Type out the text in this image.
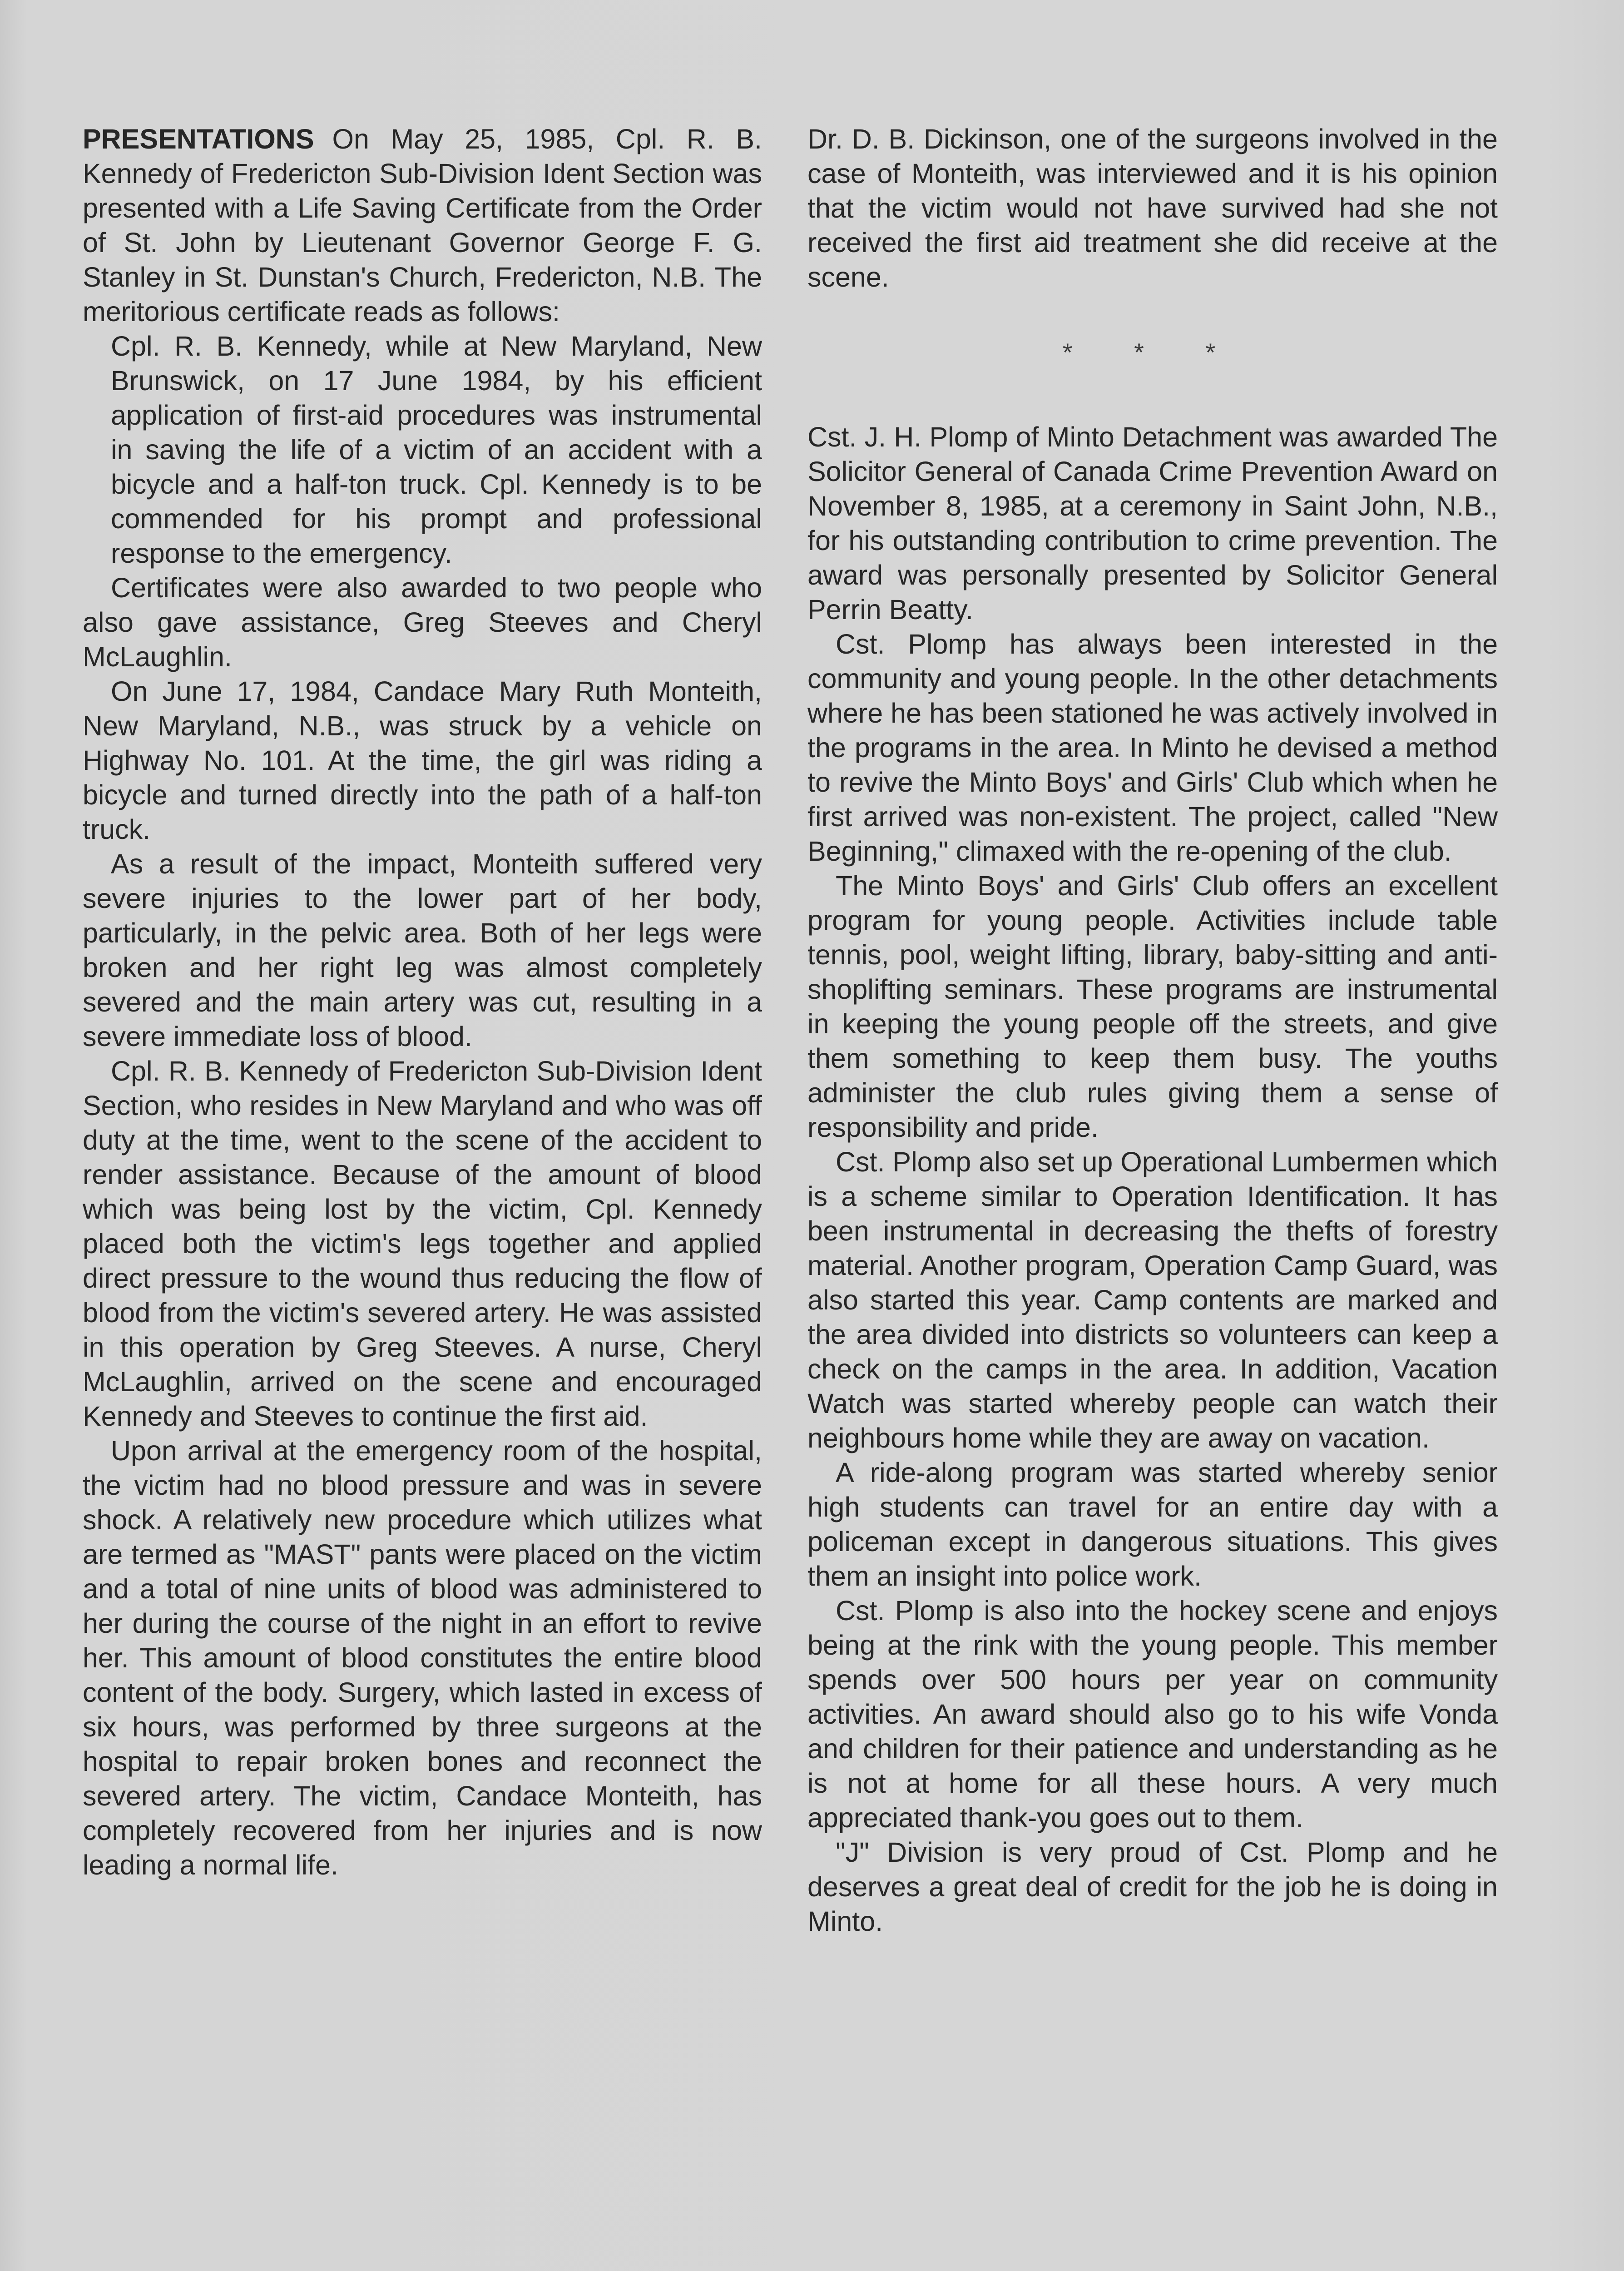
PRESENTATIONS On May 25, 1985, Cpl. R. B. Kennedy of Fredericton Sub-Division Ident Section was presented with a Life Saving Certificate from the Order of St. John by Lieutenant Governor George F. G. Stanley in St. Dunstan's Church, Fredericton, N.B. The meritorious certificate reads as follows:

Cpl. R. B. Kennedy, while at New Maryland, New Brunswick, on 17 June 1984, by his efficient application of first-aid procedures was instrumental in saving the life of a victim of an accident with a bicycle and a half-ton truck. Cpl. Kennedy is to be commended for his prompt and professional response to the emergency.

Certificates were also awarded to two people who also gave assistance, Greg Steeves and Cheryl McLaughlin.

On June 17, 1984, Candace Mary Ruth Monteith, New Maryland, N.B., was struck by a vehicle on Highway No. 101. At the time, the girl was riding a bicycle and turned directly into the path of a half-ton truck.

As a result of the impact, Monteith suffered very severe injuries to the lower part of her body, particularly, in the pelvic area. Both of her legs were broken and her right leg was almost completely severed and the main artery was cut, resulting in a severe immediate loss of blood.

Cpl. R. B. Kennedy of Fredericton Sub-Division Ident Section, who resides in New Maryland and who was off duty at the time, went to the scene of the accident to render assistance. Because of the amount of blood which was being lost by the victim, Cpl. Kennedy placed both the victim's legs together and applied direct pressure to the wound thus reducing the flow of blood from the victim's severed artery. He was assisted in this operation by Greg Steeves. A nurse, Cheryl McLaughlin, arrived on the scene and encouraged Kennedy and Steeves to continue the first aid.

Upon arrival at the emergency room of the hospital, the victim had no blood pressure and was in severe shock. A relatively new procedure which utilizes what are termed as "MAST" pants were placed on the victim and a total of nine units of blood was administered to her during the course of the night in an effort to revive her. This amount of blood constitutes the entire blood content of the body. Surgery, which lasted in excess of six hours, was performed by three surgeons at the hospital to repair broken bones and reconnect the severed artery. The victim, Candace Monteith, has completely recovered from her injuries and is now leading a normal life.

Dr. D. B. Dickinson, one of the surgeons involved in the case of Monteith, was interviewed and it is his opinion that the victim would not have survived had she not received the first aid treatment she did receive at the scene.

* * *

Cst. J. H. Plomp of Minto Detachment was awarded The Solicitor General of Canada Crime Prevention Award on November 8, 1985, at a ceremony in Saint John, N.B., for his outstanding contribution to crime prevention. The award was personally presented by Solicitor General Perrin Beatty.

Cst. Plomp has always been interested in the community and young people. In the other detachments where he has been stationed he was actively involved in the programs in the area. In Minto he devised a method to revive the Minto Boys' and Girls' Club which when he first arrived was non-existent. The project, called "New Beginning," climaxed with the re-opening of the club.

The Minto Boys' and Girls' Club offers an excellent program for young people. Activities include table tennis, pool, weight lifting, library, baby-sitting and anti-shoplifting seminars. These programs are instrumental in keeping the young people off the streets, and give them something to keep them busy. The youths administer the club rules giving them a sense of responsibility and pride.

Cst. Plomp also set up Operational Lumbermen which is a scheme similar to Operation Identification. It has been instrumental in decreasing the thefts of forestry material. Another program, Operation Camp Guard, was also started this year. Camp contents are marked and the area divided into districts so volunteers can keep a check on the camps in the area. In addition, Vacation Watch was started whereby people can watch their neighbours home while they are away on vacation.

A ride-along program was started whereby senior high students can travel for an entire day with a policeman except in dangerous situations. This gives them an insight into police work.

Cst. Plomp is also into the hockey scene and enjoys being at the rink with the young people. This member spends over 500 hours per year on community activities. An award should also go to his wife Vonda and children for their patience and understanding as he is not at home for all these hours. A very much appreciated thank-you goes out to them.

"J" Division is very proud of Cst. Plomp and he deserves a great deal of credit for the job he is doing in Minto.
